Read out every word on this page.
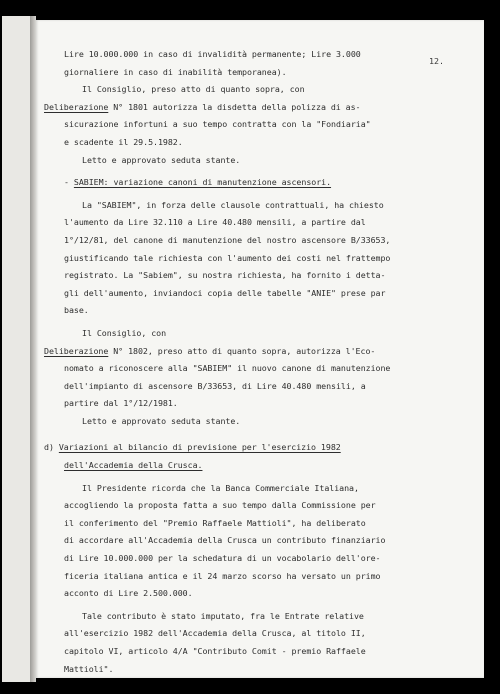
12.
Lire 10.000.000 in caso di invalidità permanente; Lire 3.000
giornaliere in caso di inabilità temporanea).
Il Consiglio, preso atto di quanto sopra, con
Deliberazione N° 1801 autorizza la disdetta della polizza di as-
sicurazione infortuni a suo tempo contratta con la "Fondiaria"
e scadente il 29.5.1982.
Letto e approvato seduta stante.
- SABIEM: variazione canoni di manutenzione ascensori.
La "SABIEM", in forza delle clausole contrattuali, ha chiesto
l'aumento da Lire 32.110 a Lire 40.480 mensili, a partire dal
1°/12/81, del canone di manutenzione del nostro ascensore B/33653,
giustificando tale richiesta con l'aumento dei costi nel frattempo
registrato. La "Sabiem", su nostra richiesta, ha fornito i detta-
gli dell'aumento, inviandoci copia delle tabelle "ANIE" prese par
base.
Il Consiglio, con
Deliberazione N° 1802, preso atto di quanto sopra, autorizza l'Eco-
nomato a riconoscere alla "SABIEM" il nuovo canone di manutenzione
dell'impianto di ascensore B/33653, di Lire 40.480 mensili, a
partire dal 1°/12/1981.
Letto e approvato seduta stante.
d) Variazioni al bilancio di previsione per l'esercizio 1982
dell'Accademia della Crusca.
Il Presidente ricorda che la Banca Commerciale Italiana,
accogliendo la proposta fatta a suo tempo dalla Commissione per
il conferimento del "Premio Raffaele Mattioli", ha deliberato
di accordare all'Accademia della Crusca un contributo finanziario
di Lire 10.000.000 per la schedatura di un vocabolario dell'ore-
ficeria italiana antica e il 24 marzo scorso ha versato un primo
acconto di Lire 2.500.000.
Tale contributo è stato imputato, fra le Entrate relative
all'esercizio 1982 dell'Accademia della Crusca, al titolo II,
capitolo VI, articolo 4/A "Contributo Comit - premio Raffaele
Mattioli".
